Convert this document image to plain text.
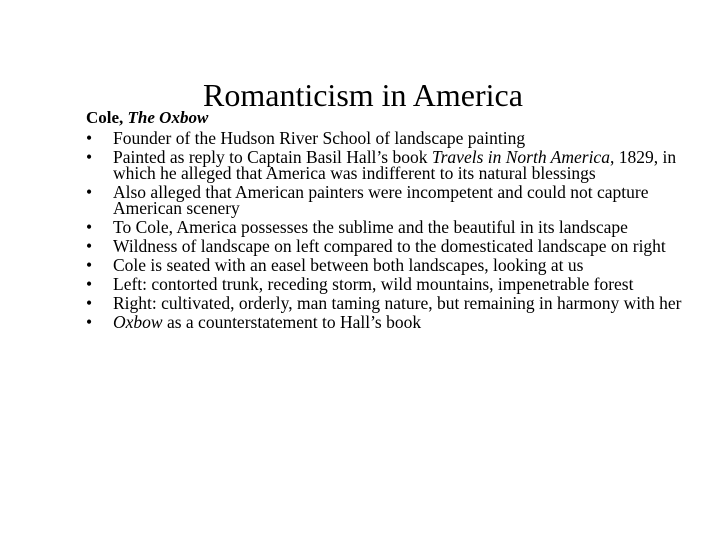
Romanticism in America
Cole, The Oxbow
•	Founder of the Hudson River School of landscape painting
•	Painted as reply to Captain Basil Hall’s book Travels in North America, 1829, in which he alleged that America was indifferent to its natural blessings
•	Also alleged that American painters were incompetent and could not capture American scenery
•	To Cole, America possesses the sublime and the beautiful in its landscape
•	Wildness of landscape on left compared to the domesticated landscape on right
•	Cole is seated with an easel between both landscapes, looking at us
•	Left: contorted trunk, receding storm, wild mountains, impenetrable forest
•	Right: cultivated, orderly, man taming nature, but remaining in harmony with her
•	Oxbow as a counterstatement to Hall’s book
